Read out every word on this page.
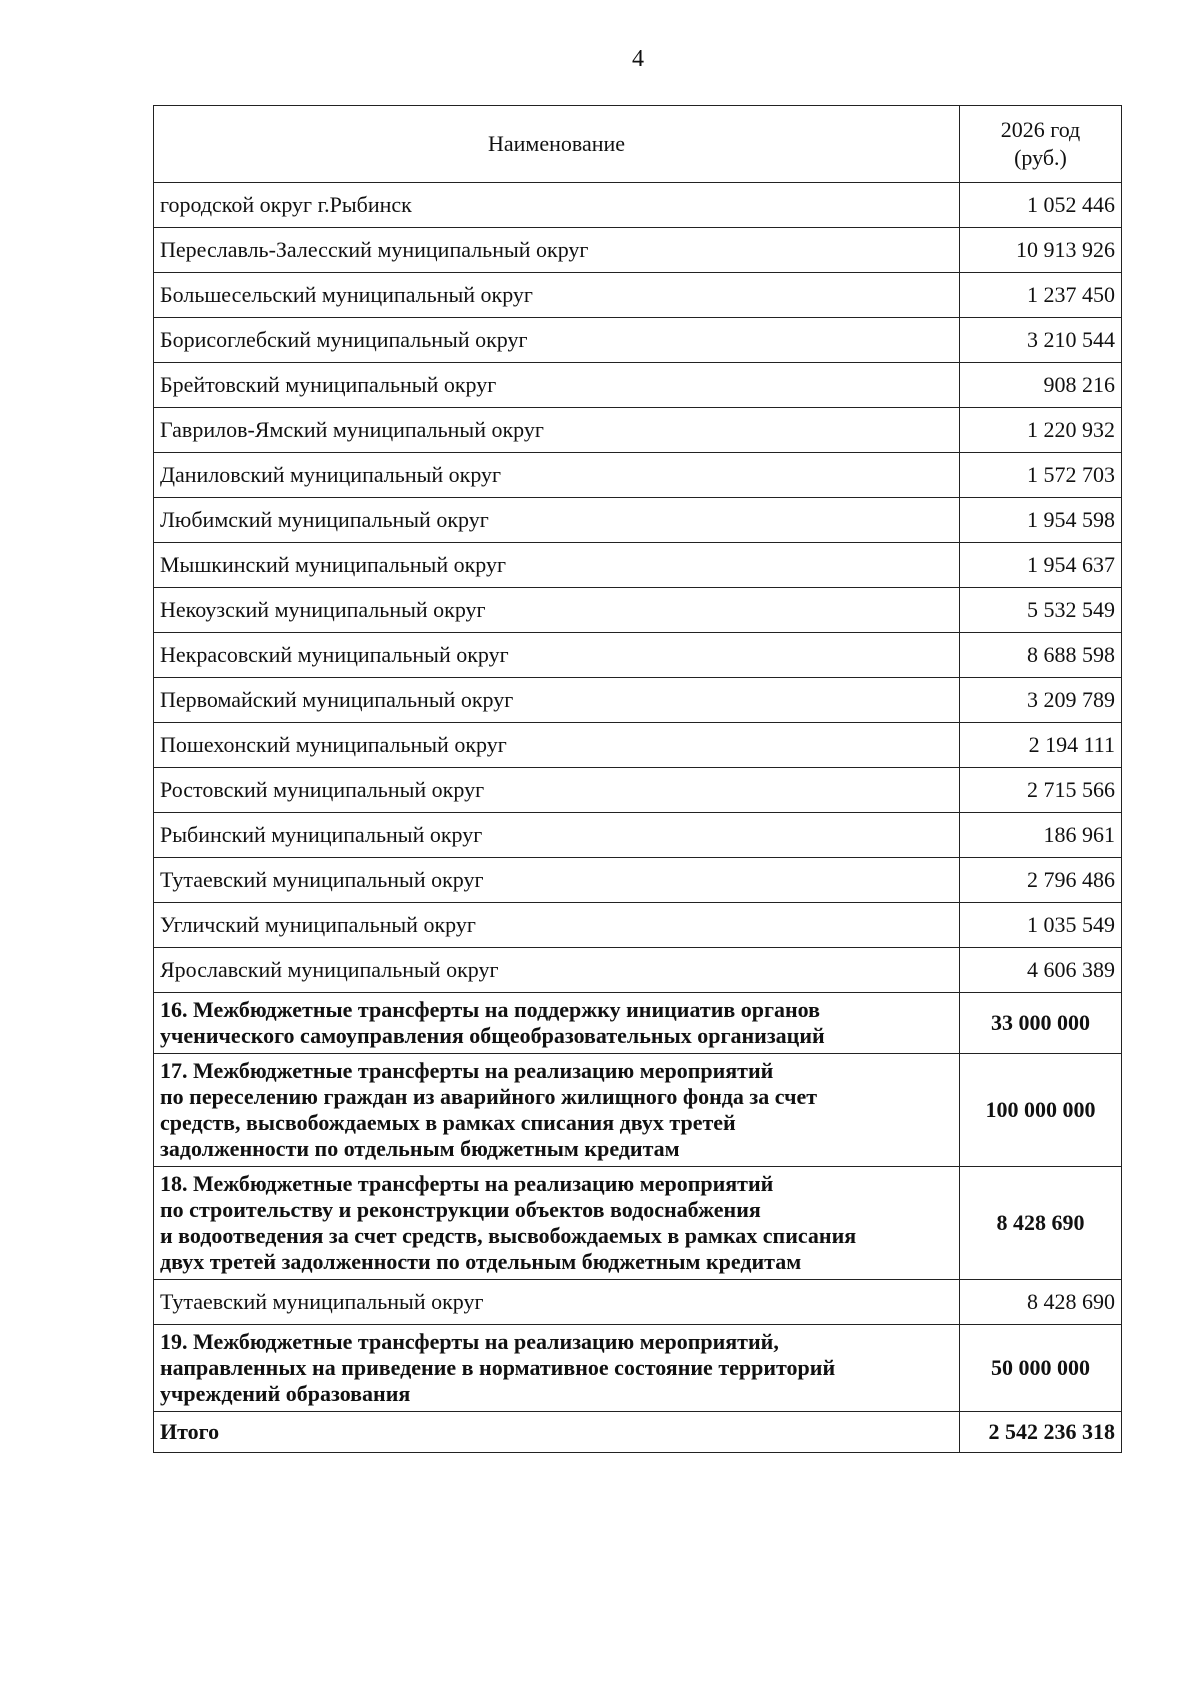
4
Наименование	2026 год
(руб.)

городской округ г.Рыбинск	1 052 446
Переславль-Залесский муниципальный округ	10 913 926
Большесельский муниципальный округ	1 237 450
Борисоглебский муниципальный округ	3 210 544
Брейтовский муниципальный округ	908 216
Гаврилов-Ямский муниципальный округ	1 220 932
Даниловский муниципальный округ	1 572 703
Любимский муниципальный округ	1 954 598
Мышкинский муниципальный округ	1 954 637
Некоузский муниципальный округ	5 532 549
Некрасовский муниципальный округ	8 688 598
Первомайский муниципальный округ	3 209 789
Пошехонский муниципальный округ	2 194 111
Ростовский муниципальный округ	2 715 566
Рыбинский муниципальный округ	186 961
Тутаевский муниципальный округ	2 796 486
Угличский муниципальный округ	1 035 549
Ярославский муниципальный округ	4 606 389

16. Межбюджетные трансферты на поддержку инициатив органов
ученического самоуправления общеобразовательных организаций	33 000 000

17. Межбюджетные трансферты на реализацию мероприятий
по переселению граждан из аварийного жилищного фонда за счет
средств, высвобождаемых в рамках списания двух третей
задолженности по отдельным бюджетным кредитам	100 000 000

18. Межбюджетные трансферты на реализацию мероприятий
по строительству и реконструкции объектов водоснабжения
и водоотведения за счет средств, высвобождаемых в рамках списания
двух третей задолженности по отдельным бюджетным кредитам	8 428 690
Тутаевский муниципальный округ	8 428 690

19. Межбюджетные трансферты на реализацию мероприятий,
направленных на приведение в нормативное состояние территорий
учреждений образования	50 000 000
Итого	2 542 236 318
